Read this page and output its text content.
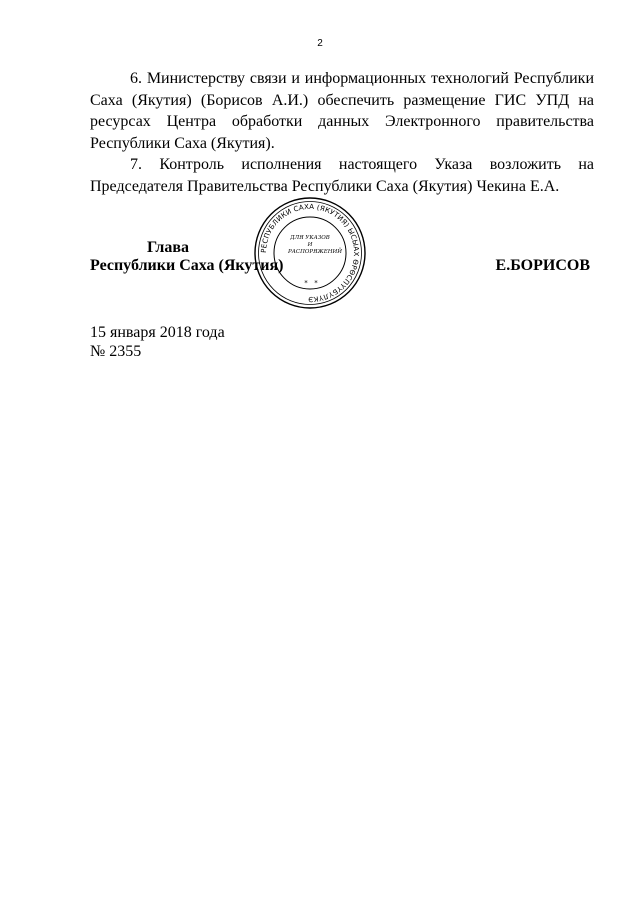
2

6. Министерству связи и информационных технологий Республики Саха (Якутия) (Борисов А.И.) обеспечить размещение ГИС УПД на ресурсах Центра обработки данных Электронного правительства Республики Саха (Якутия).

7. Контроль исполнения настоящего Указа возложить на Председателя Правительства Республики Саха (Якутия) Чекина Е.А.

Глава
Республики Саха (Якутия)	Е.БОРИСОВ
РЕСПУБЛИКИ САХА (ЯКУТИЯ) ЫСЫАХ ӨРӨСПҮҮБҮЛҮКЭ
* *
ДЛЯ УКАЗОВ И РАСПОРЯЖЕНИЙ
15 января 2018 года
№ 2355
